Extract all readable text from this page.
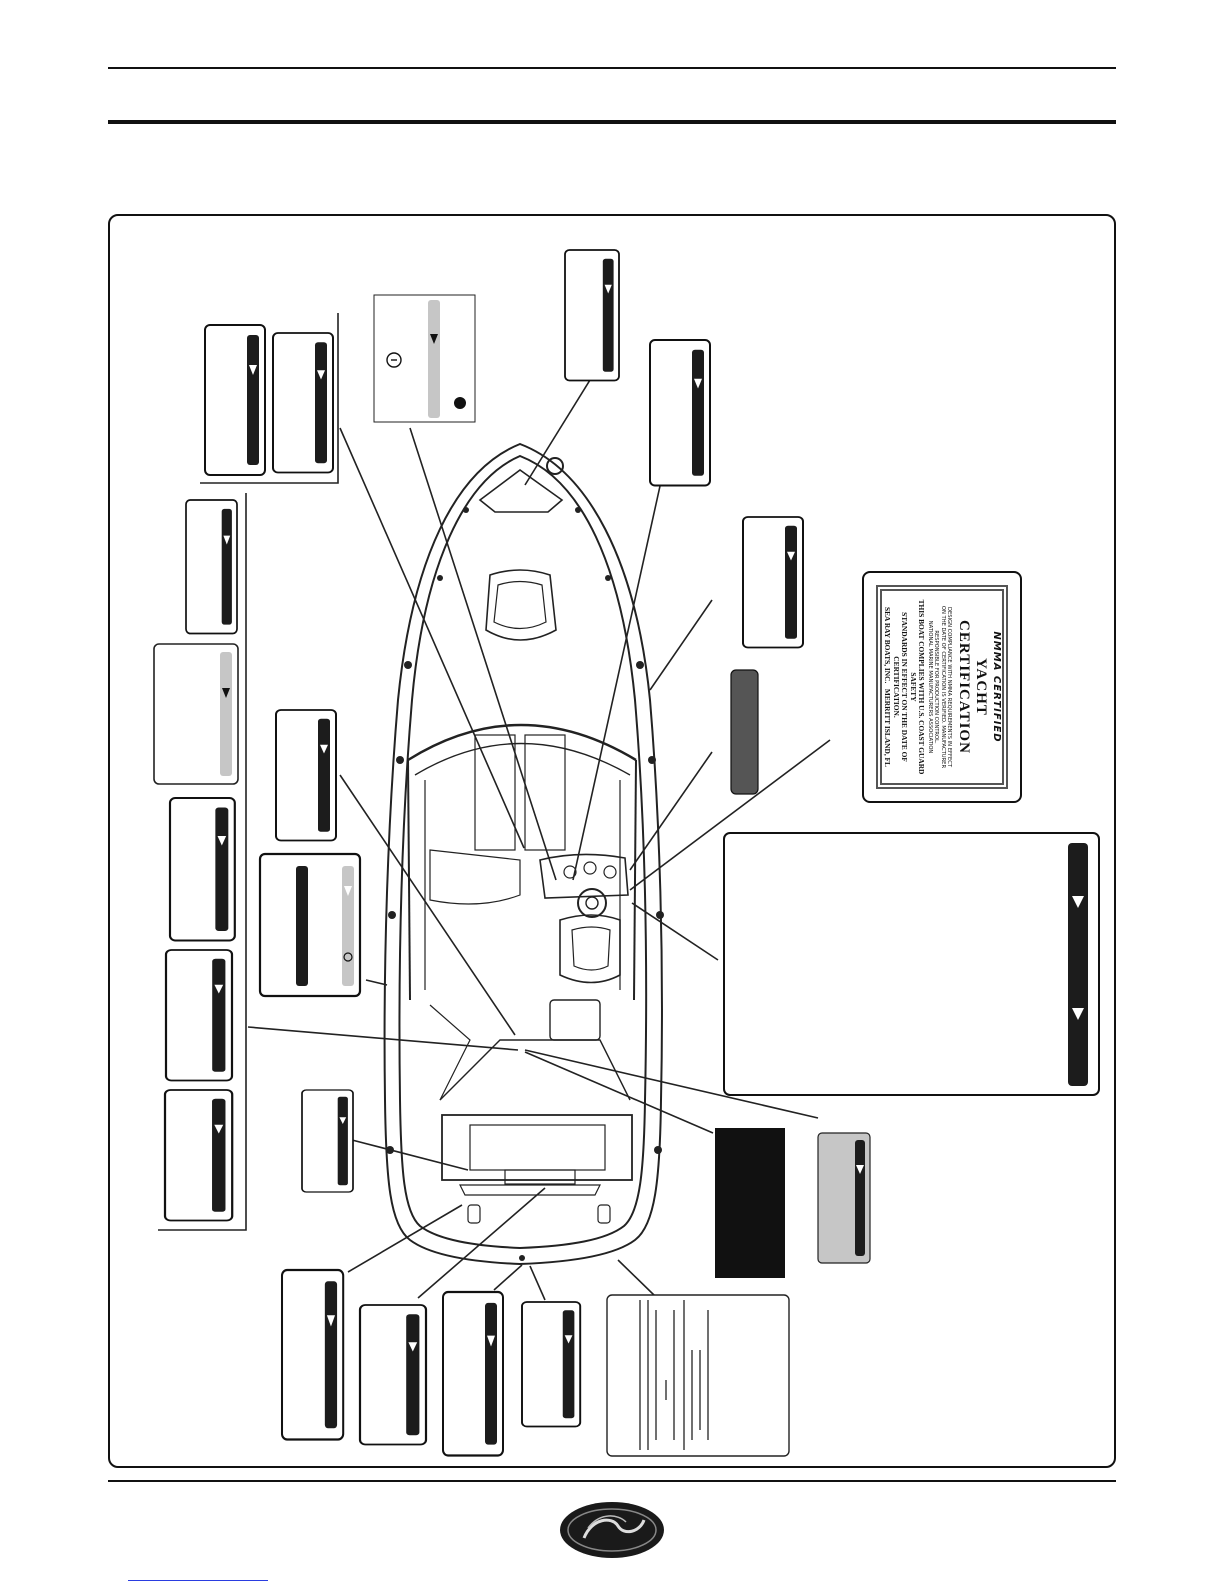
NMMA CERTIFIED
YACHT CERTIFICATION
DESIGN COMPLIANCE WITH NMMA REQUIREMENTS IN EFFECT
ON THE DATE OF CERTIFICATION IS VERIFIED. MANUFACTURER
RESPONSIBLE FOR PRODUCTION CONTROL.
NATIONAL MARINE MANUFACTURERS ASSOCIATION
THIS BOAT COMPLIES WITH U.S. COAST GUARD SAFETY
STANDARDS IN EFFECT ON THE DATE OF CERTIFICATION.
SEA RAY BOATS, INC.   MERRITT ISLAND, FL
